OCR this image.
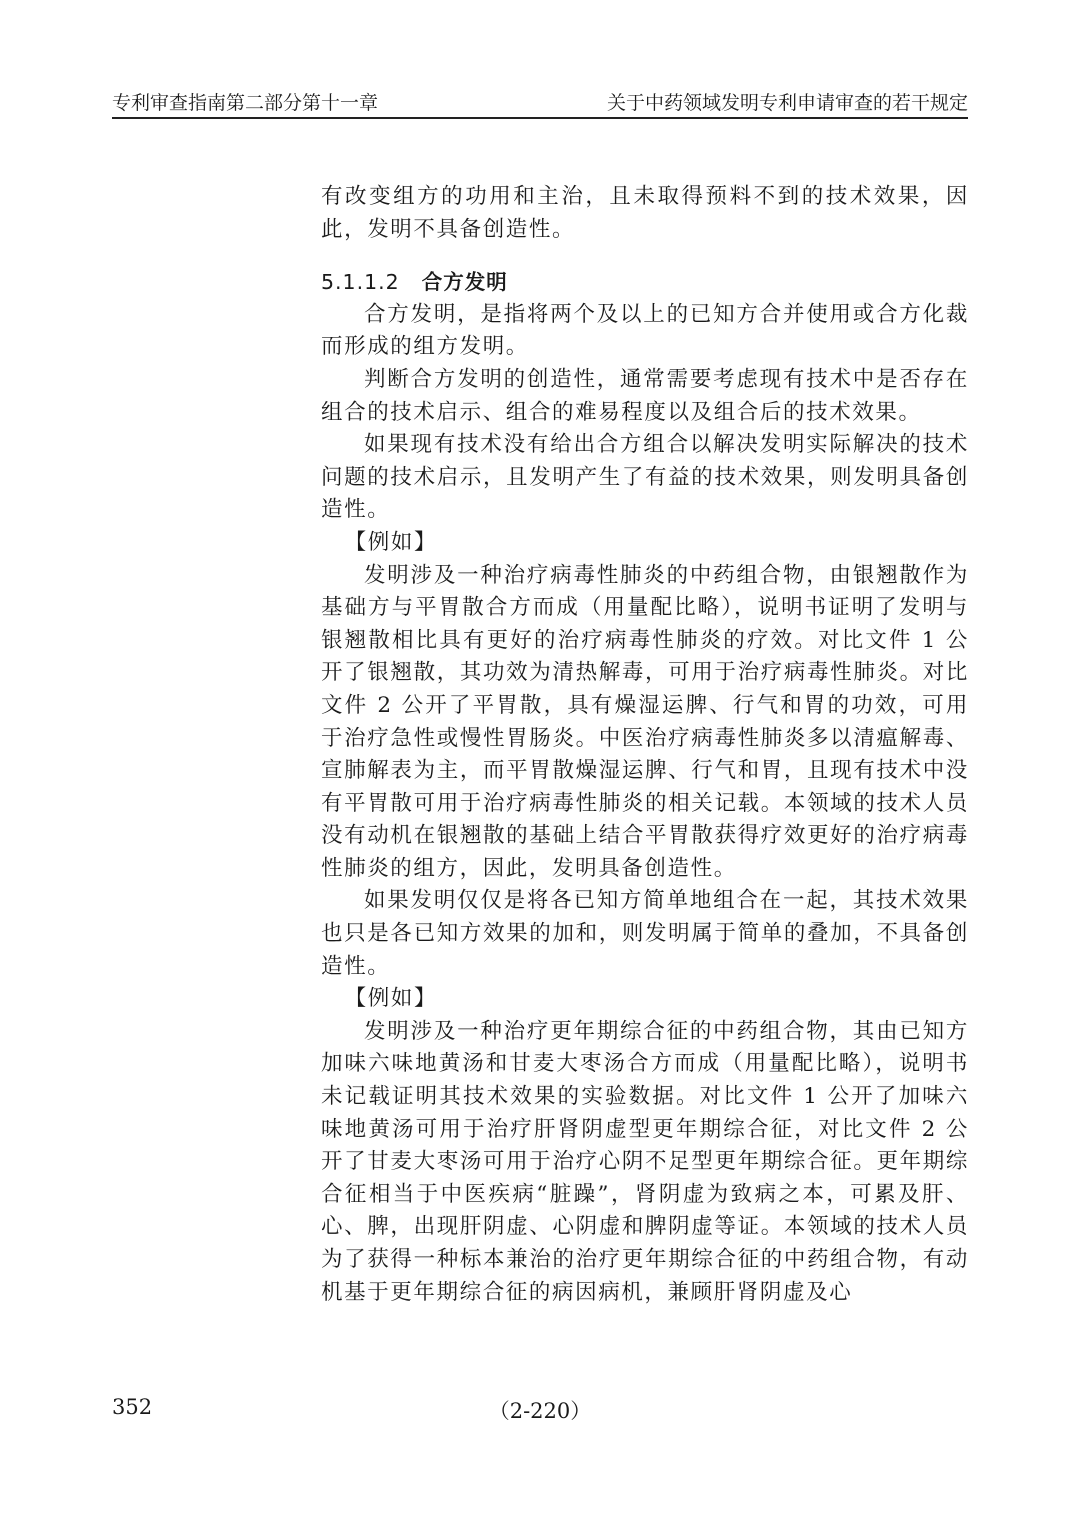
专利审查指南第二部分第十一章	关于中药领域发明专利申请审查的若干规定

有改变组方的功用和主治，且未取得预料不到的技术效果，因此，发明不具备创造性。

5.1.1.2 合方发明

合方发明，是指将两个及以上的已知方合并使用或合方化裁而形成的组方发明。

判断合方发明的创造性，通常需要考虑现有技术中是否存在组合的技术启示、组合的难易程度以及组合后的技术效果。

如果现有技术没有给出合方组合以解决发明实际解决的技术问题的技术启示，且发明产生了有益的技术效果，则发明具备创造性。

【例如】

发明涉及一种治疗病毒性肺炎的中药组合物，由银翘散作为基础方与平胃散合方而成（用量配比略），说明书证明了发明与银翘散相比具有更好的治疗病毒性肺炎的疗效。对比文件 1 公开了银翘散，其功效为清热解毒，可用于治疗病毒性肺炎。对比文件 2 公开了平胃散，具有燥湿运脾、行气和胃的功效，可用于治疗急性或慢性胃肠炎。中医治疗病毒性肺炎多以清瘟解毒、宣肺解表为主，而平胃散燥湿运脾、行气和胃，且现有技术中没有平胃散可用于治疗病毒性肺炎的相关记载。本领域的技术人员没有动机在银翘散的基础上结合平胃散获得疗效更好的治疗病毒性肺炎的组方，因此，发明具备创造性。

如果发明仅仅是将各已知方简单地组合在一起，其技术效果也只是各已知方效果的加和，则发明属于简单的叠加，不具备创造性。

【例如】

发明涉及一种治疗更年期综合征的中药组合物，其由已知方加味六味地黄汤和甘麦大枣汤合方而成（用量配比略），说明书未记载证明其技术效果的实验数据。对比文件 1 公开了加味六味地黄汤可用于治疗肝肾阴虚型更年期综合征，对比文件 2 公开了甘麦大枣汤可用于治疗心阴不足型更年期综合征。更年期综合征相当于中医疾病“脏躁”，肾阴虚为致病之本，可累及肝、心、脾，出现肝阴虚、心阴虚和脾阴虚等证。本领域的技术人员为了获得一种标本兼治的治疗更年期综合征的中药组合物，有动机基于更年期综合征的病因病机，兼顾肝肾阴虚及心

352	（2-220）
